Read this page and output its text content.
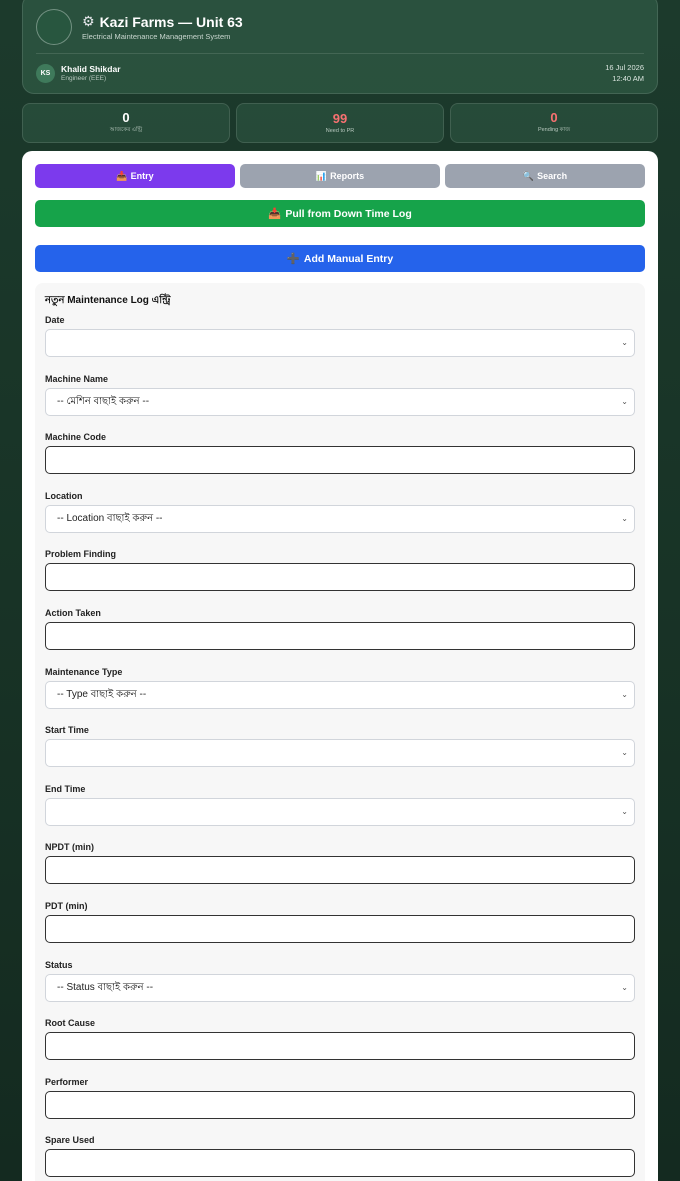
⚙ Kazi Farms — Unit 63
Electrical Maintenance Management System
KS	Khalid Shikdar
Engineer (EEE)
16 Jul 2026
12:40 AM
0
আজকের এন্ট্রি
99
Need to PR
0
Pending কাজ
📥 Entry	📊 Reports	🔍 Search
📥 Pull from Down Time Log
➕ Add Manual Entry
নতুন Maintenance Log এন্ট্রি
Date
⌄
Machine Name
-- মেশিন বাছাই করুন --	⌄
Machine Code
Location
-- Location বাছাই করুন --	⌄
Problem Finding
Action Taken
Maintenance Type
-- Type বাছাই করুন --	⌄
Start Time
⌄
End Time
⌄
NPDT (min)
PDT (min)
Status
-- Status বাছাই করুন --	⌄
Root Cause
Performer
Spare Used
